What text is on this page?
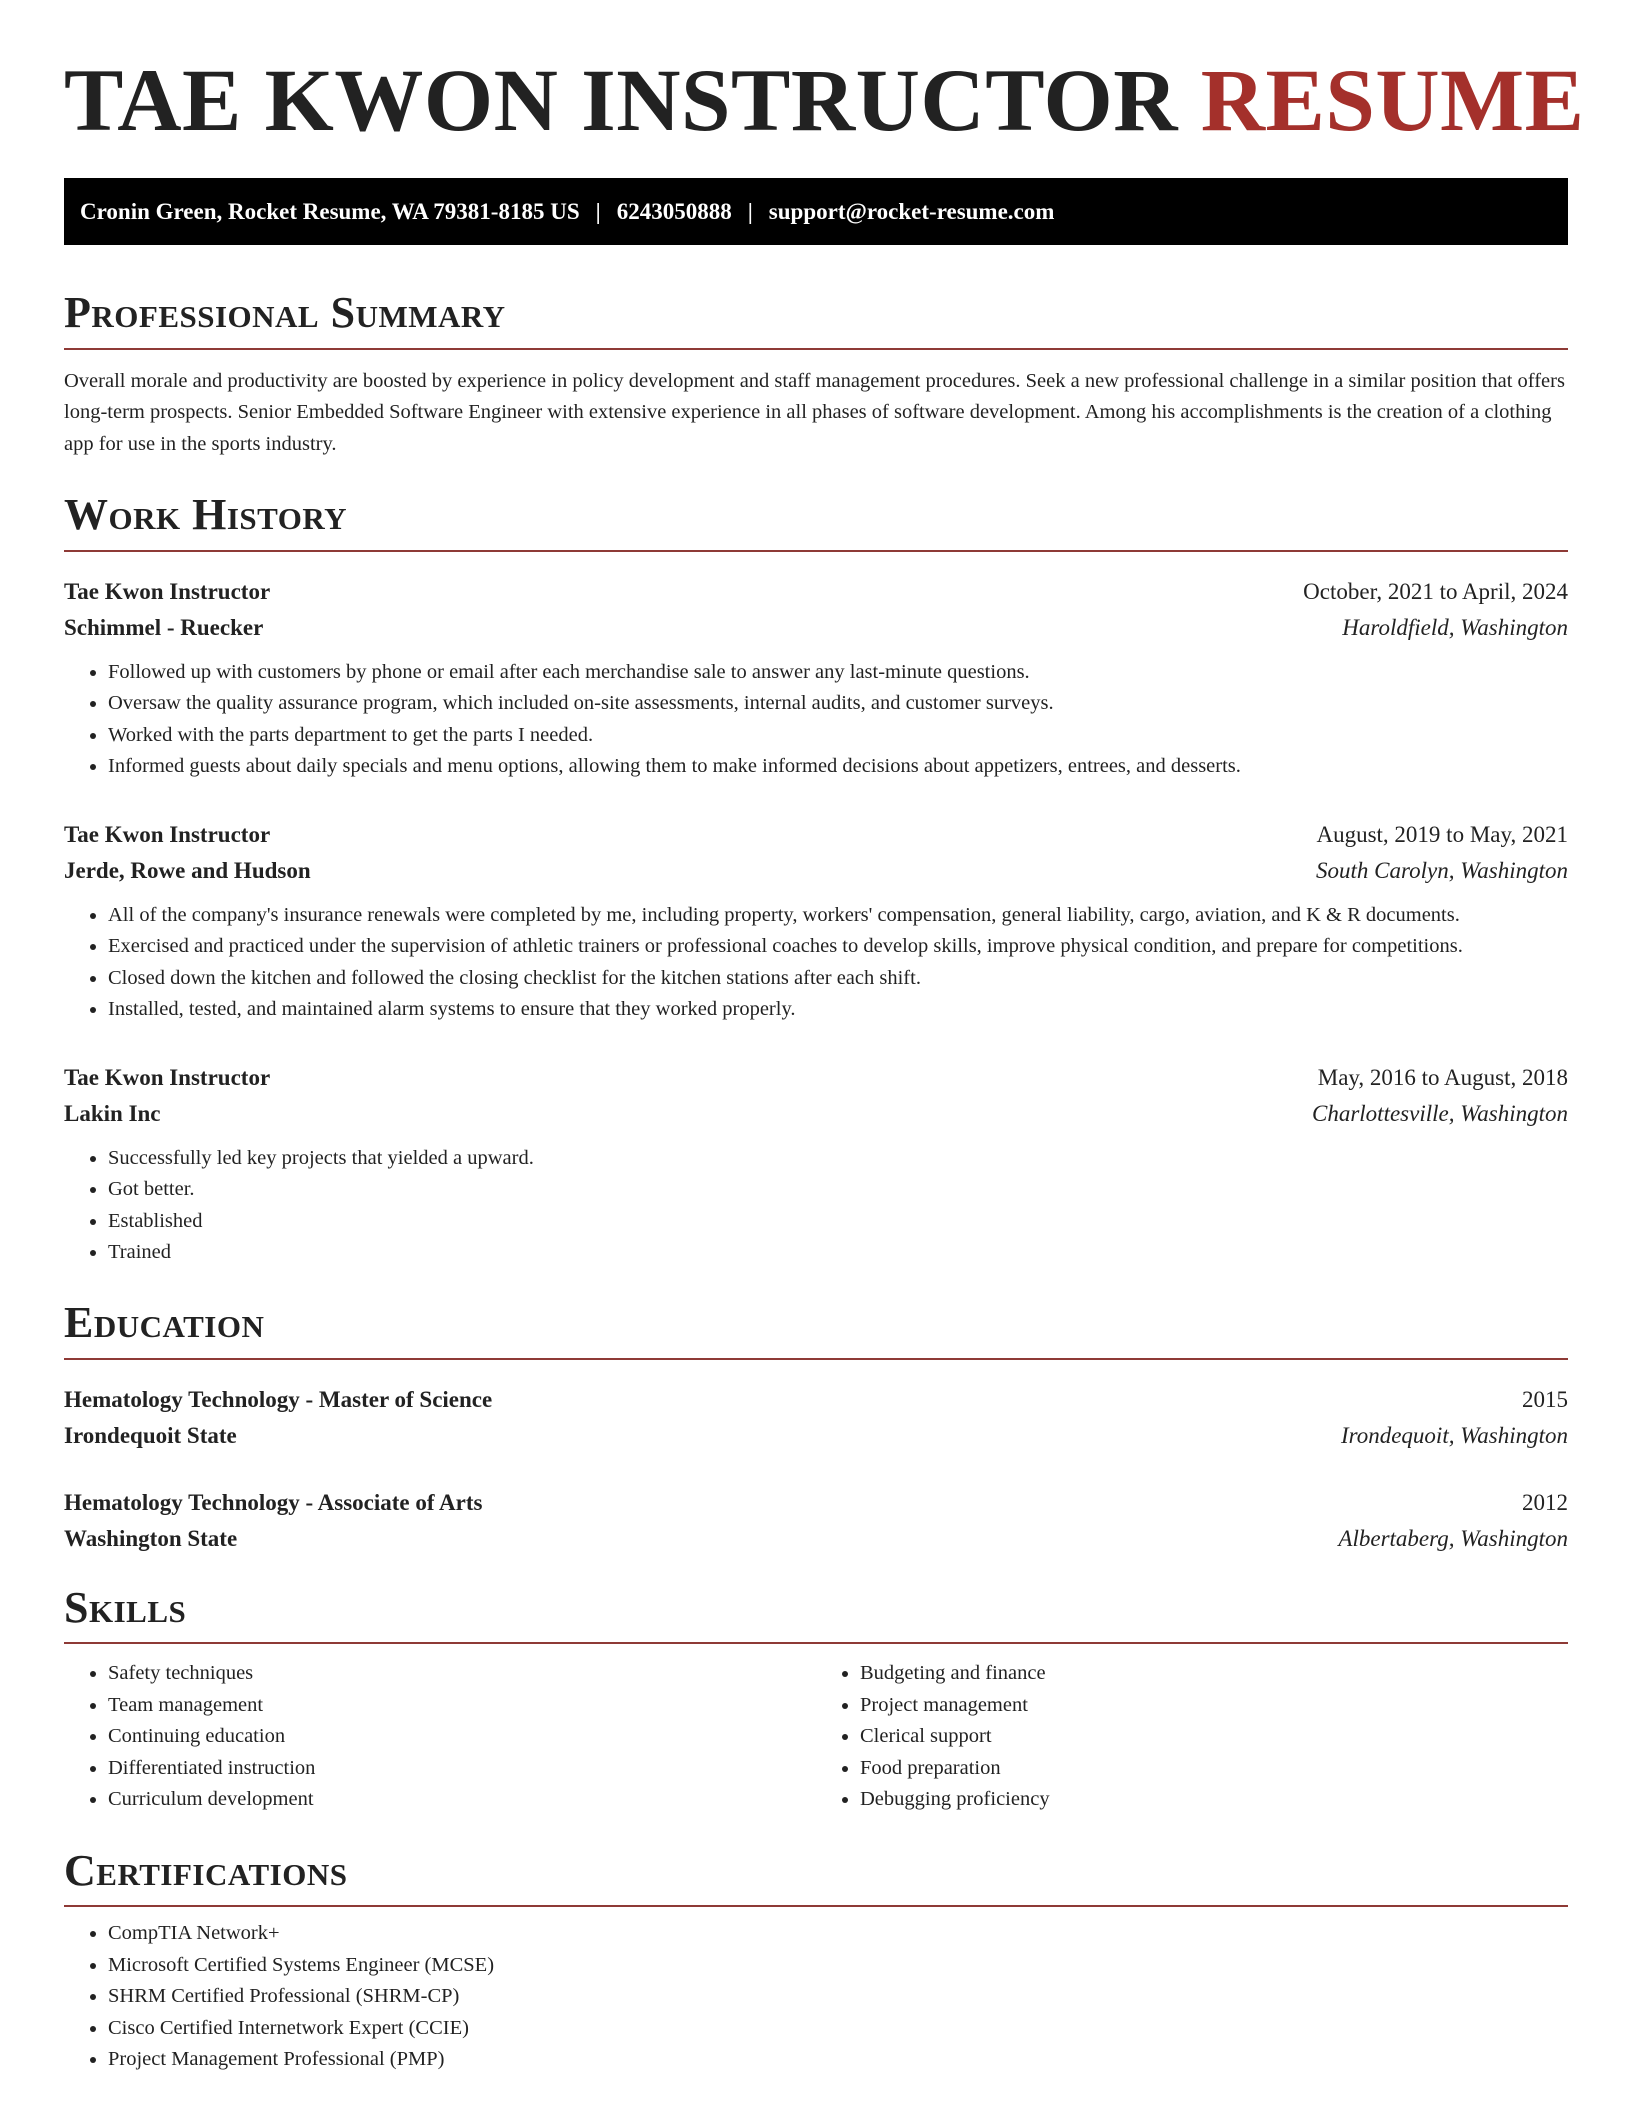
TAE KWON INSTRUCTOR RESUME
Cronin Green, Rocket Resume, WA 79381-8185 US | 6243050888 | support@rocket-resume.com
Professional Summary

Overall morale and productivity are boosted by experience in policy development and staff management procedures. Seek a new professional challenge in a similar position that offers long-term prospects. Senior Embedded Software Engineer with extensive experience in all phases of software development. Among his accomplishments is the creation of a clothing app for use in the sports industry.

Work History
Tae Kwon Instructor	October, 2021 to April, 2024
Schimmel - Ruecker	Haroldfield, Washington
• Followed up with customers by phone or email after each merchandise sale to answer any last-minute questions.
• Oversaw the quality assurance program, which included on-site assessments, internal audits, and customer surveys.
• Worked with the parts department to get the parts I needed.
• Informed guests about daily specials and menu options, allowing them to make informed decisions about appetizers, entrees, and desserts.
Tae Kwon Instructor	August, 2019 to May, 2021
Jerde, Rowe and Hudson	South Carolyn, Washington
• All of the company's insurance renewals were completed by me, including property, workers' compensation, general liability, cargo, aviation, and K & R documents.
• Exercised and practiced under the supervision of athletic trainers or professional coaches to develop skills, improve physical condition, and prepare for competitions.
• Closed down the kitchen and followed the closing checklist for the kitchen stations after each shift.
• Installed, tested, and maintained alarm systems to ensure that they worked properly.
Tae Kwon Instructor	May, 2016 to August, 2018
Lakin Inc	Charlottesville, Washington
• Successfully led key projects that yielded a upward.
• Got better.
• Established
• Trained
Education
Hematology Technology - Master of Science	2015
Irondequoit State	Irondequoit, Washington
Hematology Technology - Associate of Arts	2012
Washington State	Albertaberg, Washington
Skills
• Safety techniques
• Team management
• Continuing education
• Differentiated instruction
• Curriculum development
• Budgeting and finance
• Project management
• Clerical support
• Food preparation
• Debugging proficiency
Certifications
• CompTIA Network+
• Microsoft Certified Systems Engineer (MCSE)
• SHRM Certified Professional (SHRM-CP)
• Cisco Certified Internetwork Expert (CCIE)
• Project Management Professional (PMP)
